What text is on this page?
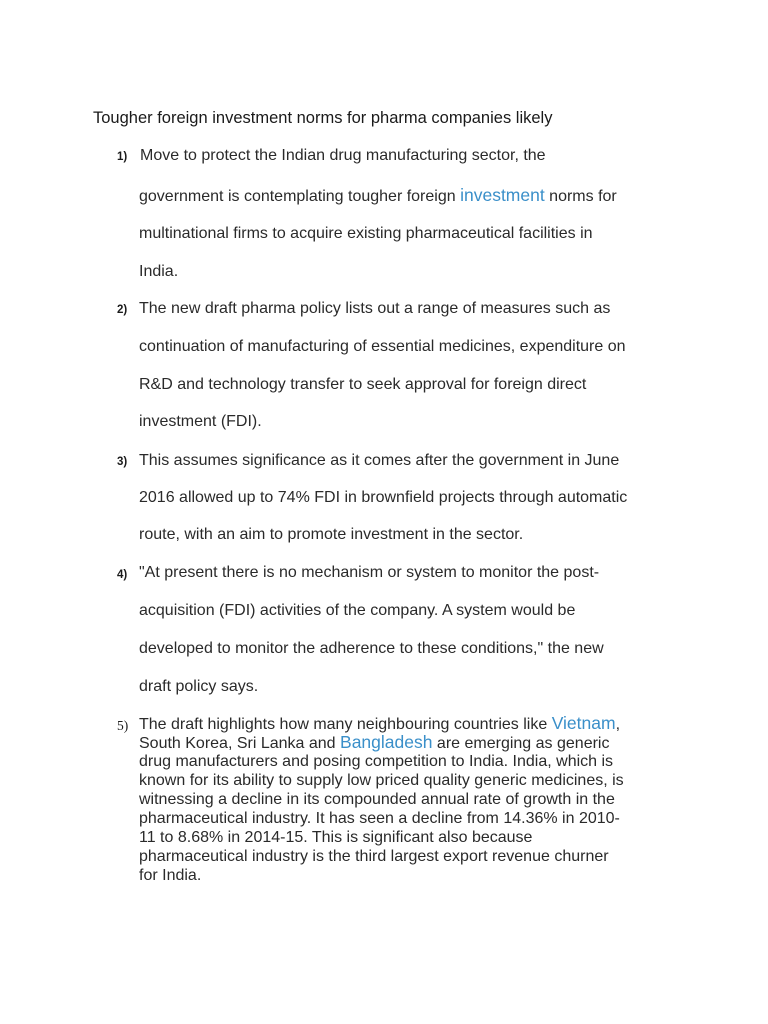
Tougher foreign investment norms for pharma companies likely
1) Move to protect the Indian drug manufacturing sector, the
government is contemplating tougher foreign investment norms for
multinational firms to acquire existing pharmaceutical facilities in
India.
2) The new draft pharma policy lists out a range of measures such as
continuation of manufacturing of essential medicines, expenditure on
R&D and technology transfer to seek approval for foreign direct
investment (FDI).
3) This assumes significance as it comes after the government in June
2016 allowed up to 74% FDI in brownfield projects through automatic
route, with an aim to promote investment in the sector.
4) "At present there is no mechanism or system to monitor the post-
acquisition (FDI) activities of the company. A system would be
developed to monitor the adherence to these conditions," the new
draft policy says.
5) The draft highlights how many neighbouring countries like Vietnam,
South Korea, Sri Lanka and Bangladesh are emerging as generic
drug manufacturers and posing competition to India. India, which is
known for its ability to supply low priced quality generic medicines, is
witnessing a decline in its compounded annual rate of growth in the
pharmaceutical industry. It has seen a decline from 14.36% in 2010-
11 to 8.68% in 2014-15. This is significant also because
pharmaceutical industry is the third largest export revenue churner
for India.
